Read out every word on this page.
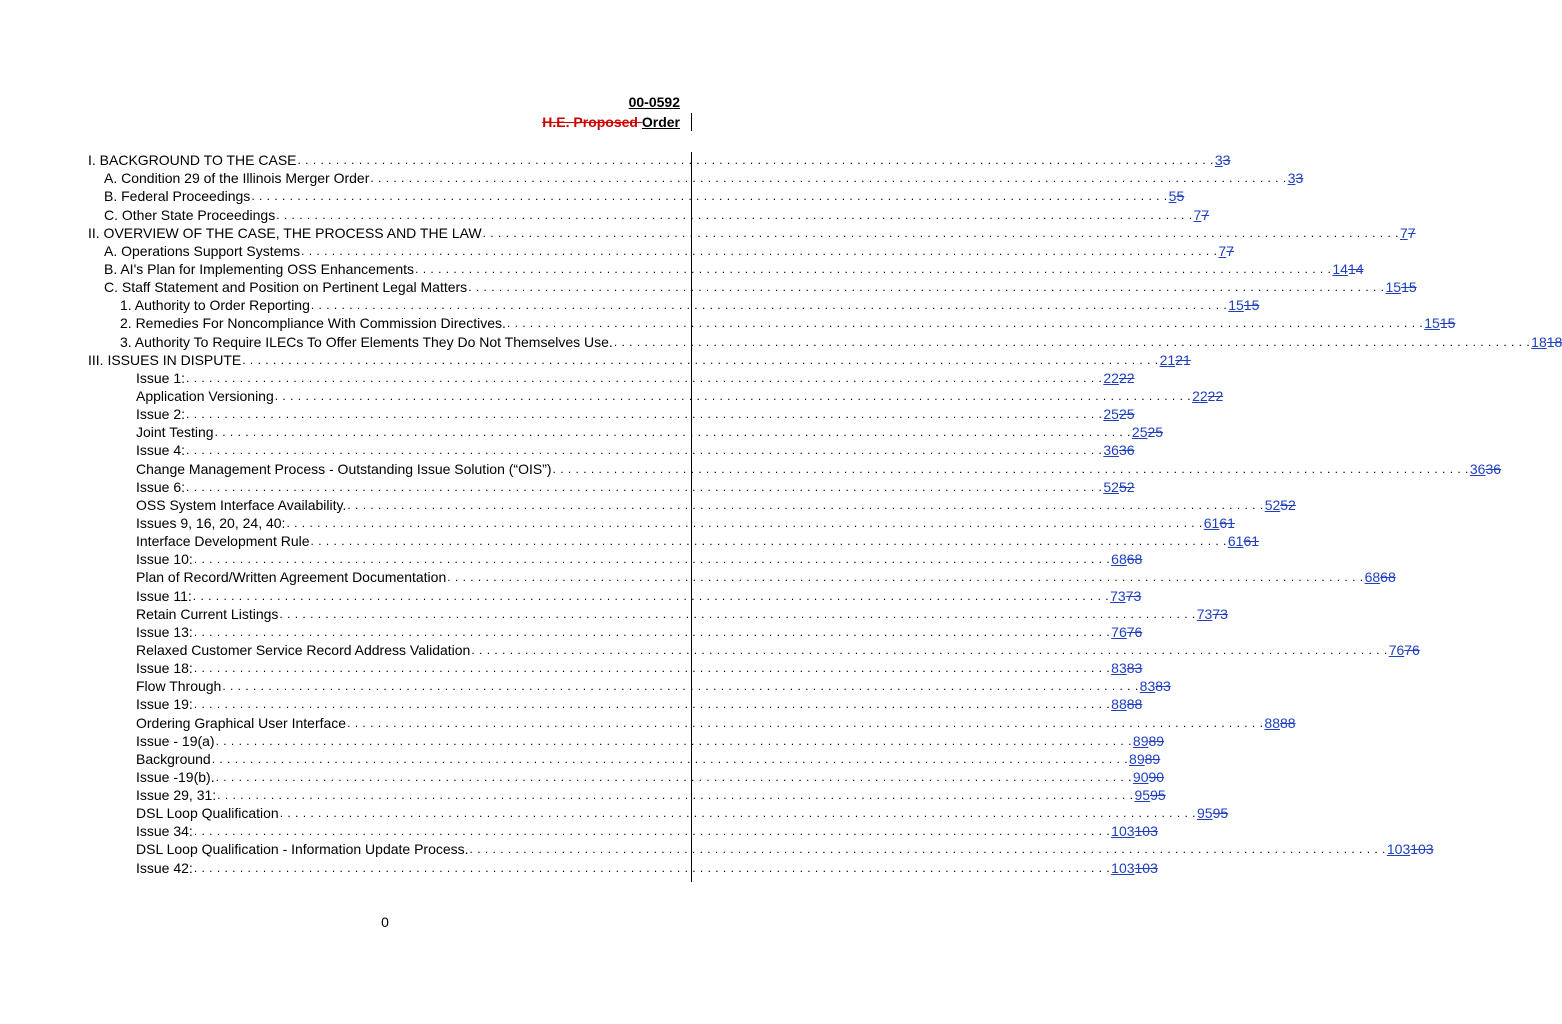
00-0592
H.E. Proposed Order
I. BACKGROUND TO THE CASE . . . . . . . . . . . . . . . . . . . . . . . . . . . . . . . . . . . . . . . . . . . . . . . . . . . . . . . . . . . . . . . . . . . . . . . . . . . . . . . . . . . . . . . . . . . . . . . . . . . . . . . . . . . . . . . . . . . . . . . . 33
A. Condition 29 of the Illinois Merger Order . . . . . . . . . . . . . . . . . . . . . . . . . . . . . . . . . . . . . . . . . . . . . . . . . . . . . . . . . . . . . . . . . . . . . . . . . . . . . . . . . . . . . . . . . . . . . . . . . . . . . . . . . . . . . . . . . . . . . . . . 33
B. Federal Proceedings . . . . . . . . . . . . . . . . . . . . . . . . . . . . . . . . . . . . . . . . . . . . . . . . . . . . . . . . . . . . . . . . . . . . . . . . . . . . . . . . . . . . . . . . . . . . . . . . . . . . . . . . . . . . . . . . . . . . . . . . 55
C. Other State Proceedings . . . . . . . . . . . . . . . . . . . . . . . . . . . . . . . . . . . . . . . . . . . . . . . . . . . . . . . . . . . . . . . . . . . . . . . . . . . . . . . . . . . . . . . . . . . . . . . . . . . . . . . . . . . . . . . . . . . . . . . . 77
II. OVERVIEW OF THE CASE, THE PROCESS AND THE LAW . . . . . . . . . . . . . . . . . . . . . . . . . . . . . . . . . . . . . . . . . . . . . . . . . . . . . . . . . . . . . . . . . . . . . . . . . . . . . . . . . . . . . . . . . . . . . . . . . . . . . . . . . . . . . . . . . . . . . . . . 77
A. Operations Support Systems . . . . . . . . . . . . . . . . . . . . . . . . . . . . . . . . . . . . . . . . . . . . . . . . . . . . . . . . . . . . . . . . . . . . . . . . . . . . . . . . . . . . . . . . . . . . . . . . . . . . . . . . . . . . . . . . . . . . . . . . 77
B. AI's Plan for Implementing OSS Enhancements . . . . . . . . . . . . . . . . . . . . . . . . . . . . . . . . . . . . . . . . . . . . . . . . . . . . . . . . . . . . . . . . . . . . . . . . . . . . . . . . . . . . . . . . . . . . . . . . . . . . . . . . . . . . . . . . . . . . . . . . 1414
C. Staff Statement and Position on Pertinent Legal Matters . . . . . . . . . . . . . . . . . . . . . . . . . . . . . . . . . . . . . . . . . . . . . . . . . . . . . . . . . . . . . . . . . . . . . . . . . . . . . . . . . . . . . . . . . . . . . . . . . . . . . . . . . . . . . . . . . . . . . . . . 1515
1. Authority to Order Reporting . . . . . . . . . . . . . . . . . . . . . . . . . . . . . . . . . . . . . . . . . . . . . . . . . . . . . . . . . . . . . . . . . . . . . . . . . . . . . . . . . . . . . . . . . . . . . . . . . . . . . . . . . . . . . . . . . . . . . . . . 1515
2. Remedies For Noncompliance With Commission Directives. . . . . . . . . . . . . . . . . . . . . . . . . . . . . . . . . . . . . . . . . . . . . . . . . . . . . . . . . . . . . . . . . . . . . . . . . . . . . . . . . . . . . . . . . . . . . . . . . . . . . . . . . . . . . . . . . . . . . . . . . 1515
3. Authority To Require ILECs To Offer Elements They Do Not Themselves Use. . . . . . . . . . . . . . . . . . . . . . . . . . . . . . . . . . . . . . . . . . . . . . . . . . . . . . . . . . . . . . . . . . . . . . . . . . . . . . . . . . . . . . . . . . . . . . . . . . . . . . . . . . . . . . . . . . . . . . . . . 1818
III. ISSUES IN DISPUTE . . . . . . . . . . . . . . . . . . . . . . . . . . . . . . . . . . . . . . . . . . . . . . . . . . . . . . . . . . . . . . . . . . . . . . . . . . . . . . . . . . . . . . . . . . . . . . . . . . . . . . . . . . . . . . . . . . . . . . . . 2121
Issue 1: . . . . . . . . . . . . . . . . . . . . . . . . . . . . . . . . . . . . . . . . . . . . . . . . . . . . . . . . . . . . . . . . . . . . . . . . . . . . . . . . . . . . . . . . . . . . . . . . . . . . . . . . . . . . . . . . . . . . . . . . 2222
Application Versioning . . . . . . . . . . . . . . . . . . . . . . . . . . . . . . . . . . . . . . . . . . . . . . . . . . . . . . . . . . . . . . . . . . . . . . . . . . . . . . . . . . . . . . . . . . . . . . . . . . . . . . . . . . . . . . . . . . . . . . . . 2222
Issue 2: . . . . . . . . . . . . . . . . . . . . . . . . . . . . . . . . . . . . . . . . . . . . . . . . . . . . . . . . . . . . . . . . . . . . . . . . . . . . . . . . . . . . . . . . . . . . . . . . . . . . . . . . . . . . . . . . . . . . . . . . 2525
Joint Testing . . . . . . . . . . . . . . . . . . . . . . . . . . . . . . . . . . . . . . . . . . . . . . . . . . . . . . . . . . . . . . . . . . . . . . . . . . . . . . . . . . . . . . . . . . . . . . . . . . . . . . . . . . . . . . . . . . . . . . . . 2525
Issue 4: . . . . . . . . . . . . . . . . . . . . . . . . . . . . . . . . . . . . . . . . . . . . . . . . . . . . . . . . . . . . . . . . . . . . . . . . . . . . . . . . . . . . . . . . . . . . . . . . . . . . . . . . . . . . . . . . . . . . . . . . 3636
Change Management Process - Outstanding Issue Solution (“OIS”) . . . . . . . . . . . . . . . . . . . . . . . . . . . . . . . . . . . . . . . . . . . . . . . . . . . . . . . . . . . . . . . . . . . . . . . . . . . . . . . . . . . . . . . . . . . . . . . . . . . . . . . . . . . . . . . . . . . . . . . . 3636
Issue 6: . . . . . . . . . . . . . . . . . . . . . . . . . . . . . . . . . . . . . . . . . . . . . . . . . . . . . . . . . . . . . . . . . . . . . . . . . . . . . . . . . . . . . . . . . . . . . . . . . . . . . . . . . . . . . . . . . . . . . . . . 5252
OSS System Interface Availability. . . . . . . . . . . . . . . . . . . . . . . . . . . . . . . . . . . . . . . . . . . . . . . . . . . . . . . . . . . . . . . . . . . . . . . . . . . . . . . . . . . . . . . . . . . . . . . . . . . . . . . . . . . . . . . . . . . . . . . . . 5252
Issues 9, 16, 20, 24, 40: . . . . . . . . . . . . . . . . . . . . . . . . . . . . . . . . . . . . . . . . . . . . . . . . . . . . . . . . . . . . . . . . . . . . . . . . . . . . . . . . . . . . . . . . . . . . . . . . . . . . . . . . . . . . . . . . . . . . . . . . 6161
Interface Development Rule . . . . . . . . . . . . . . . . . . . . . . . . . . . . . . . . . . . . . . . . . . . . . . . . . . . . . . . . . . . . . . . . . . . . . . . . . . . . . . . . . . . . . . . . . . . . . . . . . . . . . . . . . . . . . . . . . . . . . . . . 6161
Issue 10: . . . . . . . . . . . . . . . . . . . . . . . . . . . . . . . . . . . . . . . . . . . . . . . . . . . . . . . . . . . . . . . . . . . . . . . . . . . . . . . . . . . . . . . . . . . . . . . . . . . . . . . . . . . . . . . . . . . . . . . . 6868
Plan of Record/Written Agreement Documentation . . . . . . . . . . . . . . . . . . . . . . . . . . . . . . . . . . . . . . . . . . . . . . . . . . . . . . . . . . . . . . . . . . . . . . . . . . . . . . . . . . . . . . . . . . . . . . . . . . . . . . . . . . . . . . . . . . . . . . . . 6868
Issue 11: . . . . . . . . . . . . . . . . . . . . . . . . . . . . . . . . . . . . . . . . . . . . . . . . . . . . . . . . . . . . . . . . . . . . . . . . . . . . . . . . . . . . . . . . . . . . . . . . . . . . . . . . . . . . . . . . . . . . . . . . 7373
Retain Current Listings . . . . . . . . . . . . . . . . . . . . . . . . . . . . . . . . . . . . . . . . . . . . . . . . . . . . . . . . . . . . . . . . . . . . . . . . . . . . . . . . . . . . . . . . . . . . . . . . . . . . . . . . . . . . . . . . . . . . . . . . 7373
Issue 13: . . . . . . . . . . . . . . . . . . . . . . . . . . . . . . . . . . . . . . . . . . . . . . . . . . . . . . . . . . . . . . . . . . . . . . . . . . . . . . . . . . . . . . . . . . . . . . . . . . . . . . . . . . . . . . . . . . . . . . . . 7676
Relaxed Customer Service Record Address Validation . . . . . . . . . . . . . . . . . . . . . . . . . . . . . . . . . . . . . . . . . . . . . . . . . . . . . . . . . . . . . . . . . . . . . . . . . . . . . . . . . . . . . . . . . . . . . . . . . . . . . . . . . . . . . . . . . . . . . . . . 7676
Issue 18: . . . . . . . . . . . . . . . . . . . . . . . . . . . . . . . . . . . . . . . . . . . . . . . . . . . . . . . . . . . . . . . . . . . . . . . . . . . . . . . . . . . . . . . . . . . . . . . . . . . . . . . . . . . . . . . . . . . . . . . . 8383
Flow Through . . . . . . . . . . . . . . . . . . . . . . . . . . . . . . . . . . . . . . . . . . . . . . . . . . . . . . . . . . . . . . . . . . . . . . . . . . . . . . . . . . . . . . . . . . . . . . . . . . . . . . . . . . . . . . . . . . . . . . . . 8383
Issue 19: . . . . . . . . . . . . . . . . . . . . . . . . . . . . . . . . . . . . . . . . . . . . . . . . . . . . . . . . . . . . . . . . . . . . . . . . . . . . . . . . . . . . . . . . . . . . . . . . . . . . . . . . . . . . . . . . . . . . . . . . 8888
Ordering Graphical User Interface . . . . . . . . . . . . . . . . . . . . . . . . . . . . . . . . . . . . . . . . . . . . . . . . . . . . . . . . . . . . . . . . . . . . . . . . . . . . . . . . . . . . . . . . . . . . . . . . . . . . . . . . . . . . . . . . . . . . . . . . 8888
Issue - 19(a) . . . . . . . . . . . . . . . . . . . . . . . . . . . . . . . . . . . . . . . . . . . . . . . . . . . . . . . . . . . . . . . . . . . . . . . . . . . . . . . . . . . . . . . . . . . . . . . . . . . . . . . . . . . . . . . . . . . . . . . . 8989
Background . . . . . . . . . . . . . . . . . . . . . . . . . . . . . . . . . . . . . . . . . . . . . . . . . . . . . . . . . . . . . . . . . . . . . . . . . . . . . . . . . . . . . . . . . . . . . . . . . . . . . . . . . . . . . . . . . . . . . . . . 8989
Issue -19(b). . . . . . . . . . . . . . . . . . . . . . . . . . . . . . . . . . . . . . . . . . . . . . . . . . . . . . . . . . . . . . . . . . . . . . . . . . . . . . . . . . . . . . . . . . . . . . . . . . . . . . . . . . . . . . . . . . . . . . . . . 9090
Issue 29, 31: . . . . . . . . . . . . . . . . . . . . . . . . . . . . . . . . . . . . . . . . . . . . . . . . . . . . . . . . . . . . . . . . . . . . . . . . . . . . . . . . . . . . . . . . . . . . . . . . . . . . . . . . . . . . . . . . . . . . . . . . 9595
DSL Loop Qualification . . . . . . . . . . . . . . . . . . . . . . . . . . . . . . . . . . . . . . . . . . . . . . . . . . . . . . . . . . . . . . . . . . . . . . . . . . . . . . . . . . . . . . . . . . . . . . . . . . . . . . . . . . . . . . . . . . . . . . . . 9595
Issue 34: . . . . . . . . . . . . . . . . . . . . . . . . . . . . . . . . . . . . . . . . . . . . . . . . . . . . . . . . . . . . . . . . . . . . . . . . . . . . . . . . . . . . . . . . . . . . . . . . . . . . . . . . . . . . . . . . . . . . . . . . 103103
DSL Loop Qualification - Information Update Process. . . . . . . . . . . . . . . . . . . . . . . . . . . . . . . . . . . . . . . . . . . . . . . . . . . . . . . . . . . . . . . . . . . . . . . . . . . . . . . . . . . . . . . . . . . . . . . . . . . . . . . . . . . . . . . . . . . . . . . . . 103103
Issue 42: . . . . . . . . . . . . . . . . . . . . . . . . . . . . . . . . . . . . . . . . . . . . . . . . . . . . . . . . . . . . . . . . . . . . . . . . . . . . . . . . . . . . . . . . . . . . . . . . . . . . . . . . . . . . . . . . . . . . . . . . 103103
0
